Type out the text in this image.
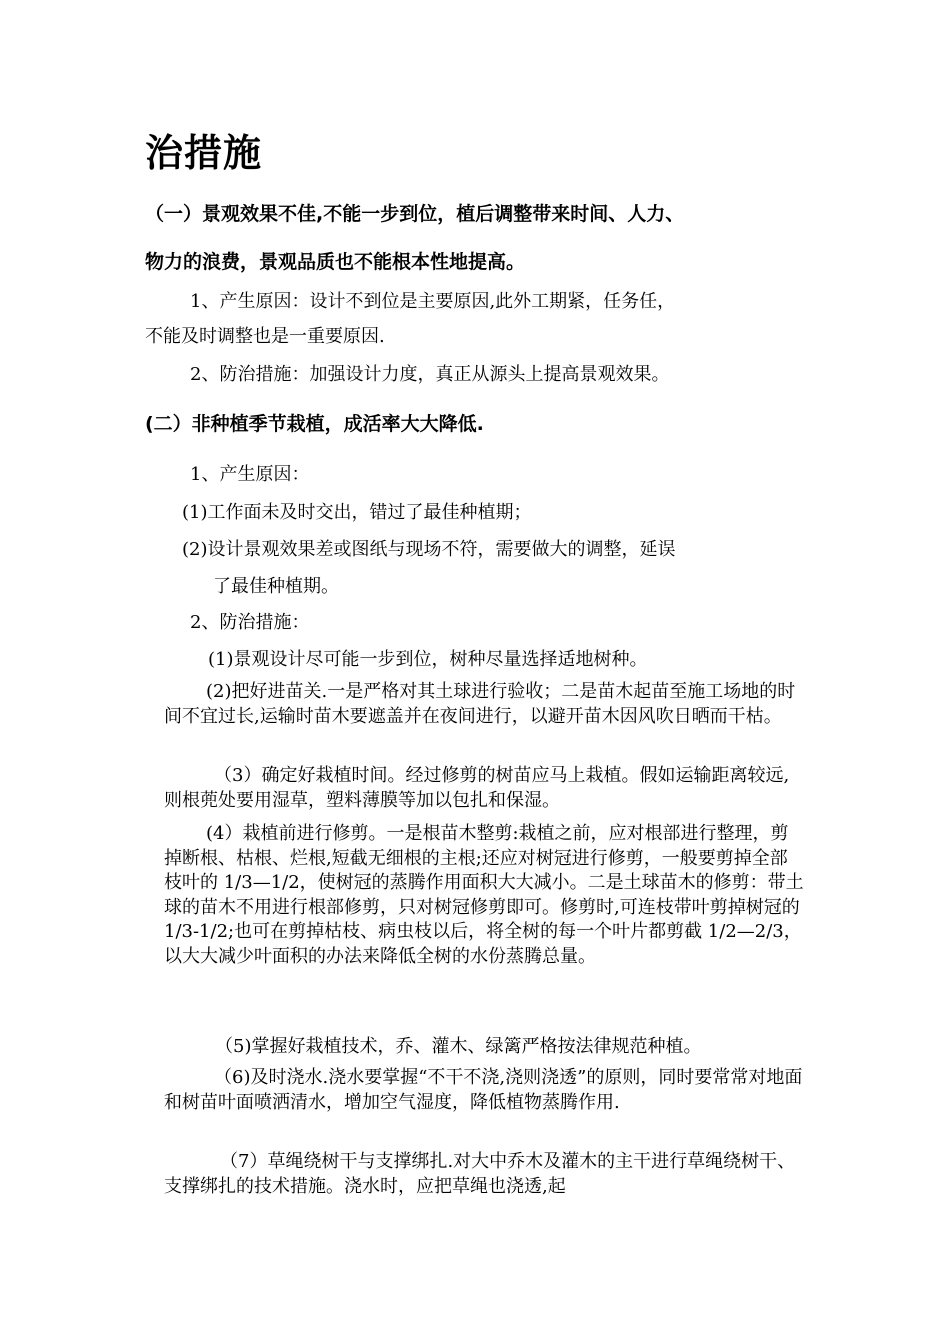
治措施
（一）景观效果不佳,不能一步到位，植后调整带来时间、人力、
物力的浪费，景观品质也不能根本性地提高。
1、产生原因：设计不到位是主要原因,此外工期紧，任务任，
不能及时调整也是一重要原因.
2、防治措施：加强设计力度，真正从源头上提高景观效果。
(二）非种植季节栽植，成活率大大降低.
1、产生原因：
(1)工作面未及时交出，错过了最佳种植期；
(2)设计景观效果差或图纸与现场不符，需要做大的调整，延误
了最佳种植期。
2、防治措施：
(1)景观设计尽可能一步到位，树种尽量选择适地树种。
(2)把好进苗关.一是严格对其土球进行验收；二是苗木起苗至施工场地的时间不宜过长,运输时苗木要遮盖并在夜间进行，以避开苗木因风吹日晒而干枯。
（3）确定好栽植时间。经过修剪的树苗应马上栽植。假如运输距离较远,则根蔸处要用湿草，塑料薄膜等加以包扎和保湿。
(4）栽植前进行修剪。一是根苗木整剪:栽植之前，应对根部进行整理，剪掉断根、枯根、烂根,短截无细根的主根;还应对树冠进行修剪，一般要剪掉全部枝叶的 1/3—1/2，使树冠的蒸腾作用面积大大减小。二是土球苗木的修剪：带土球的苗木不用进行根部修剪，只对树冠修剪即可。修剪时,可连枝带叶剪掉树冠的 1/3-1/2;也可在剪掉枯枝、病虫枝以后，将全树的每一个叶片都剪截 1/2—2/3，以大大减少叶面积的办法来降低全树的水份蒸腾总量。
（5)掌握好栽植技术，乔、灌木、绿篱严格按法律规范种植。
（6)及时浇水.浇水要掌握“不干不浇,浇则浇透”的原则，同时要常常对地面和树苗叶面喷洒清水，增加空气湿度，降低植物蒸腾作用.
（7）草绳绕树干与支撑绑扎.对大中乔木及灌木的主干进行草绳绕树干、支撑绑扎的技术措施。浇水时，应把草绳也浇透,起
